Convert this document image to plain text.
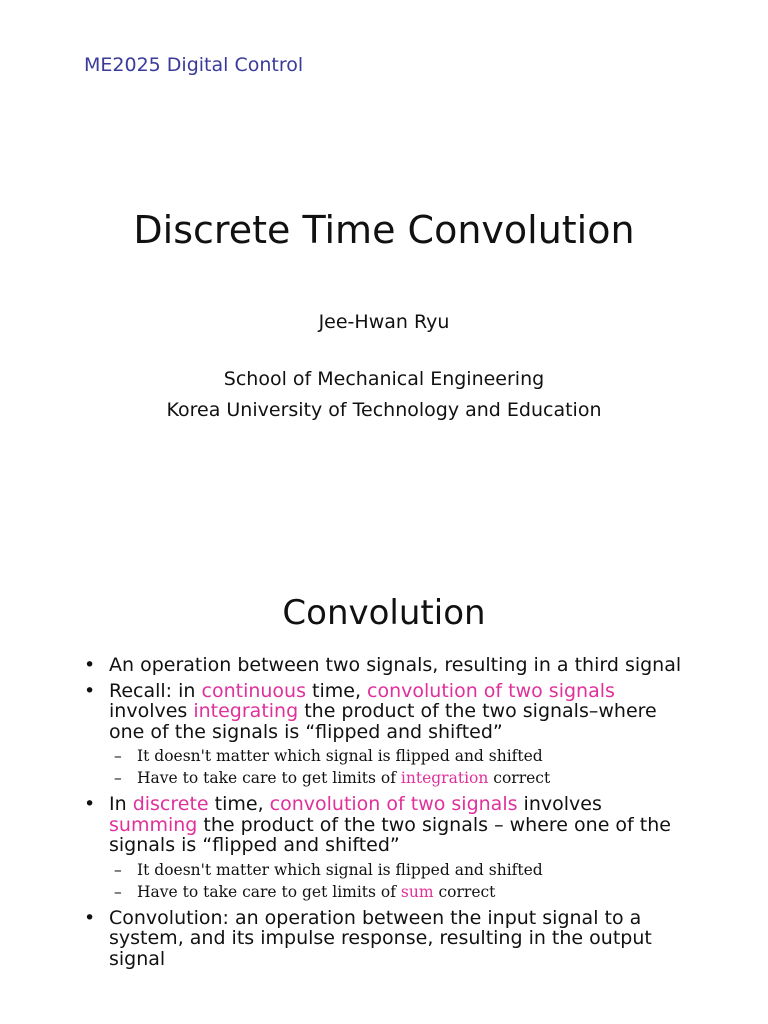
ME2025 Digital Control

Discrete Time Convolution

Jee-Hwan Ryu

School of Mechanical Engineering
Korea University of Technology and Education
Convolution
• An operation between two signals, resulting in a third signal
• Recall: in continuous time, convolution of two signals involves integrating the product of the two signals–where one of the signals is “flipped and shifted”
– It doesn't matter which signal is flipped and shifted
– Have to take care to get limits of integration correct
• In discrete time, convolution of two signals involves summing the product of the two signals – where one of the signals is “flipped and shifted”
– It doesn't matter which signal is flipped and shifted
– Have to take care to get limits of sum correct
• Convolution: an operation between the input signal to a system, and its impulse response, resulting in the output signal
